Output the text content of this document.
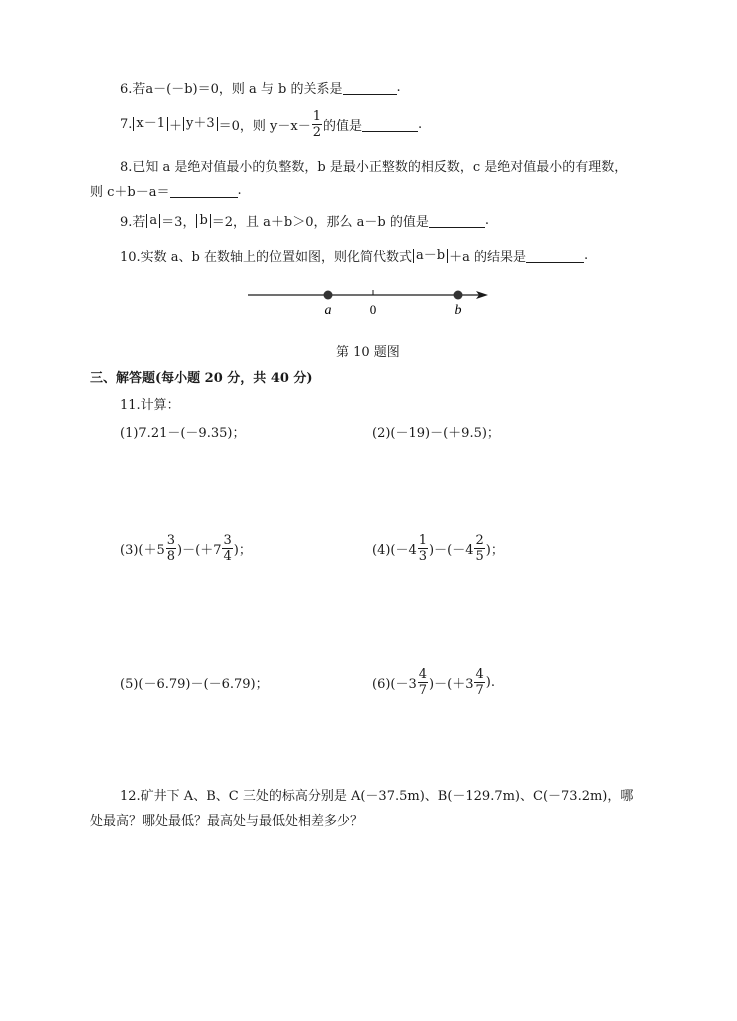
6.若 a－(－b)＝0，则 a 与 b 的关系是	.
7. x－1 ＋ y＋3 ＝0，则 $y-x- \frac{1}{2}$ 的值是	.
8.已知 a 是绝对值最小的负整数，b 是最小正整数的相反数，c 是绝对值最小的有理数，
则 c＋b－a＝	.
9.若 a ＝3， b ＝2，且 a＋b＞0，那么 a－b 的值是	.
10.实数 a、b 在数轴上的位置如图，则化简代数式 a－b ＋a 的结果是	.
a	0	b
第 10 题图
三、解答题(每小题 20 分，共 40 分)
11.计算：
(1)7.21－(－9.35)；	(2)(－19)－(＋9.5)；
$(3)(+5 \frac{3}{8} )-(+7 \frac{3}{4}$ )；	$(4)(-4 \frac{1}{3} )-(-4 \frac{2}{5}$ )；
(5)(－6.79)－(－6.79)；	$(6)(-3 \frac{4}{7} )-(+3 \frac{4}{7}$ ).
12.矿井下 A、B、C 三处的标高分别是 A(－37.5m)、B(－129.7m)、C(－73.2m)，哪
处最高？哪处最低？最高处与最低处相差多少？
